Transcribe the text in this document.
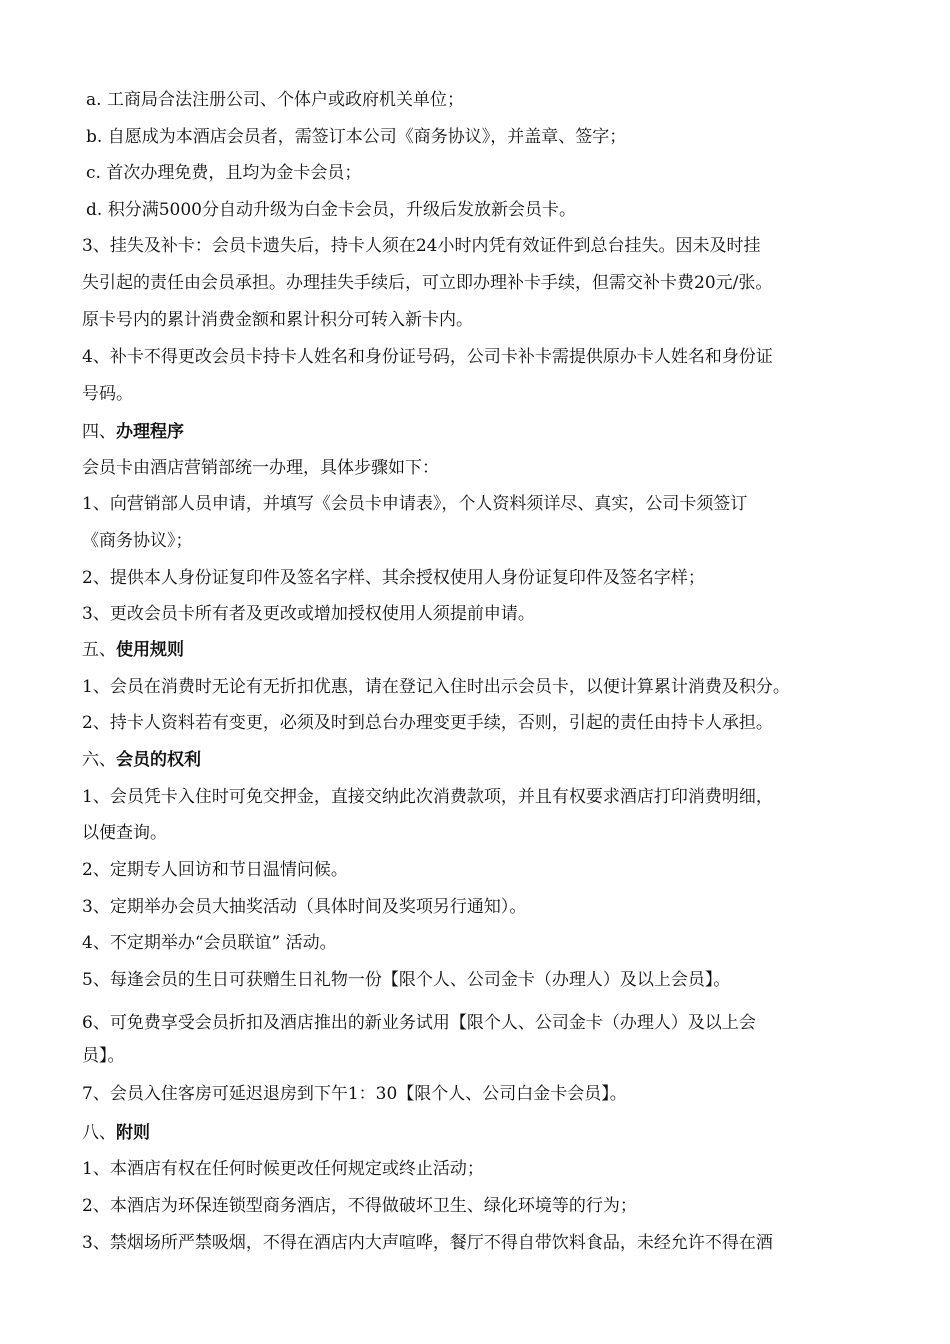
a. 工商局合法注册公司、个体户或政府机关单位；
b. 自愿成为本酒店会员者，需签订本公司《商务协议》，并盖章、签字；
c. 首次办理免费，且均为金卡会员；
d. 积分满5000分自动升级为白金卡会员，升级后发放新会员卡。
3、挂失及补卡：会员卡遗失后，持卡人须在24小时内凭有效证件到总台挂失。因未及时挂
失引起的责任由会员承担。办理挂失手续后，可立即办理补卡手续，但需交补卡费20元/张。
原卡号内的累计消费金额和累计积分可转入新卡内。
4、补卡不得更改会员卡持卡人姓名和身份证号码，公司卡补卡需提供原办卡人姓名和身份证
号码。
四、办理程序
会员卡由酒店营销部统一办理，具体步骤如下：
1、向营销部人员申请，并填写《会员卡申请表》，个人资料须详尽、真实，公司卡须签订
《商务协议》；
2、提供本人身份证复印件及签名字样、其余授权使用人身份证复印件及签名字样；
3、更改会员卡所有者及更改或增加授权使用人须提前申请。
五、使用规则
1、会员在消费时无论有无折扣优惠，请在登记入住时出示会员卡，以便计算累计消费及积分。
2、持卡人资料若有变更，必须及时到总台办理变更手续，否则，引起的责任由持卡人承担。
六、会员的权利
1、会员凭卡入住时可免交押金，直接交纳此次消费款项，并且有权要求酒店打印消费明细，
以便查询。
2、定期专人回访和节日温情问候。
3、定期举办会员大抽奖活动（具体时间及奖项另行通知）。
4、不定期举办“会员联谊” 活动。
5、每逢会员的生日可获赠生日礼物一份【限个人、公司金卡（办理人）及以上会员】。
6、可免费享受会员折扣及酒店推出的新业务试用【限个人、公司金卡（办理人）及以上会
员】。
7、会员入住客房可延迟退房到下午1：30【限个人、公司白金卡会员】。
八、附则
1、本酒店有权在任何时候更改任何规定或终止活动；
2、本酒店为环保连锁型商务酒店，不得做破坏卫生、绿化环境等的行为；
3、禁烟场所严禁吸烟，不得在酒店内大声喧哗，餐厅不得自带饮料食品，未经允许不得在酒
